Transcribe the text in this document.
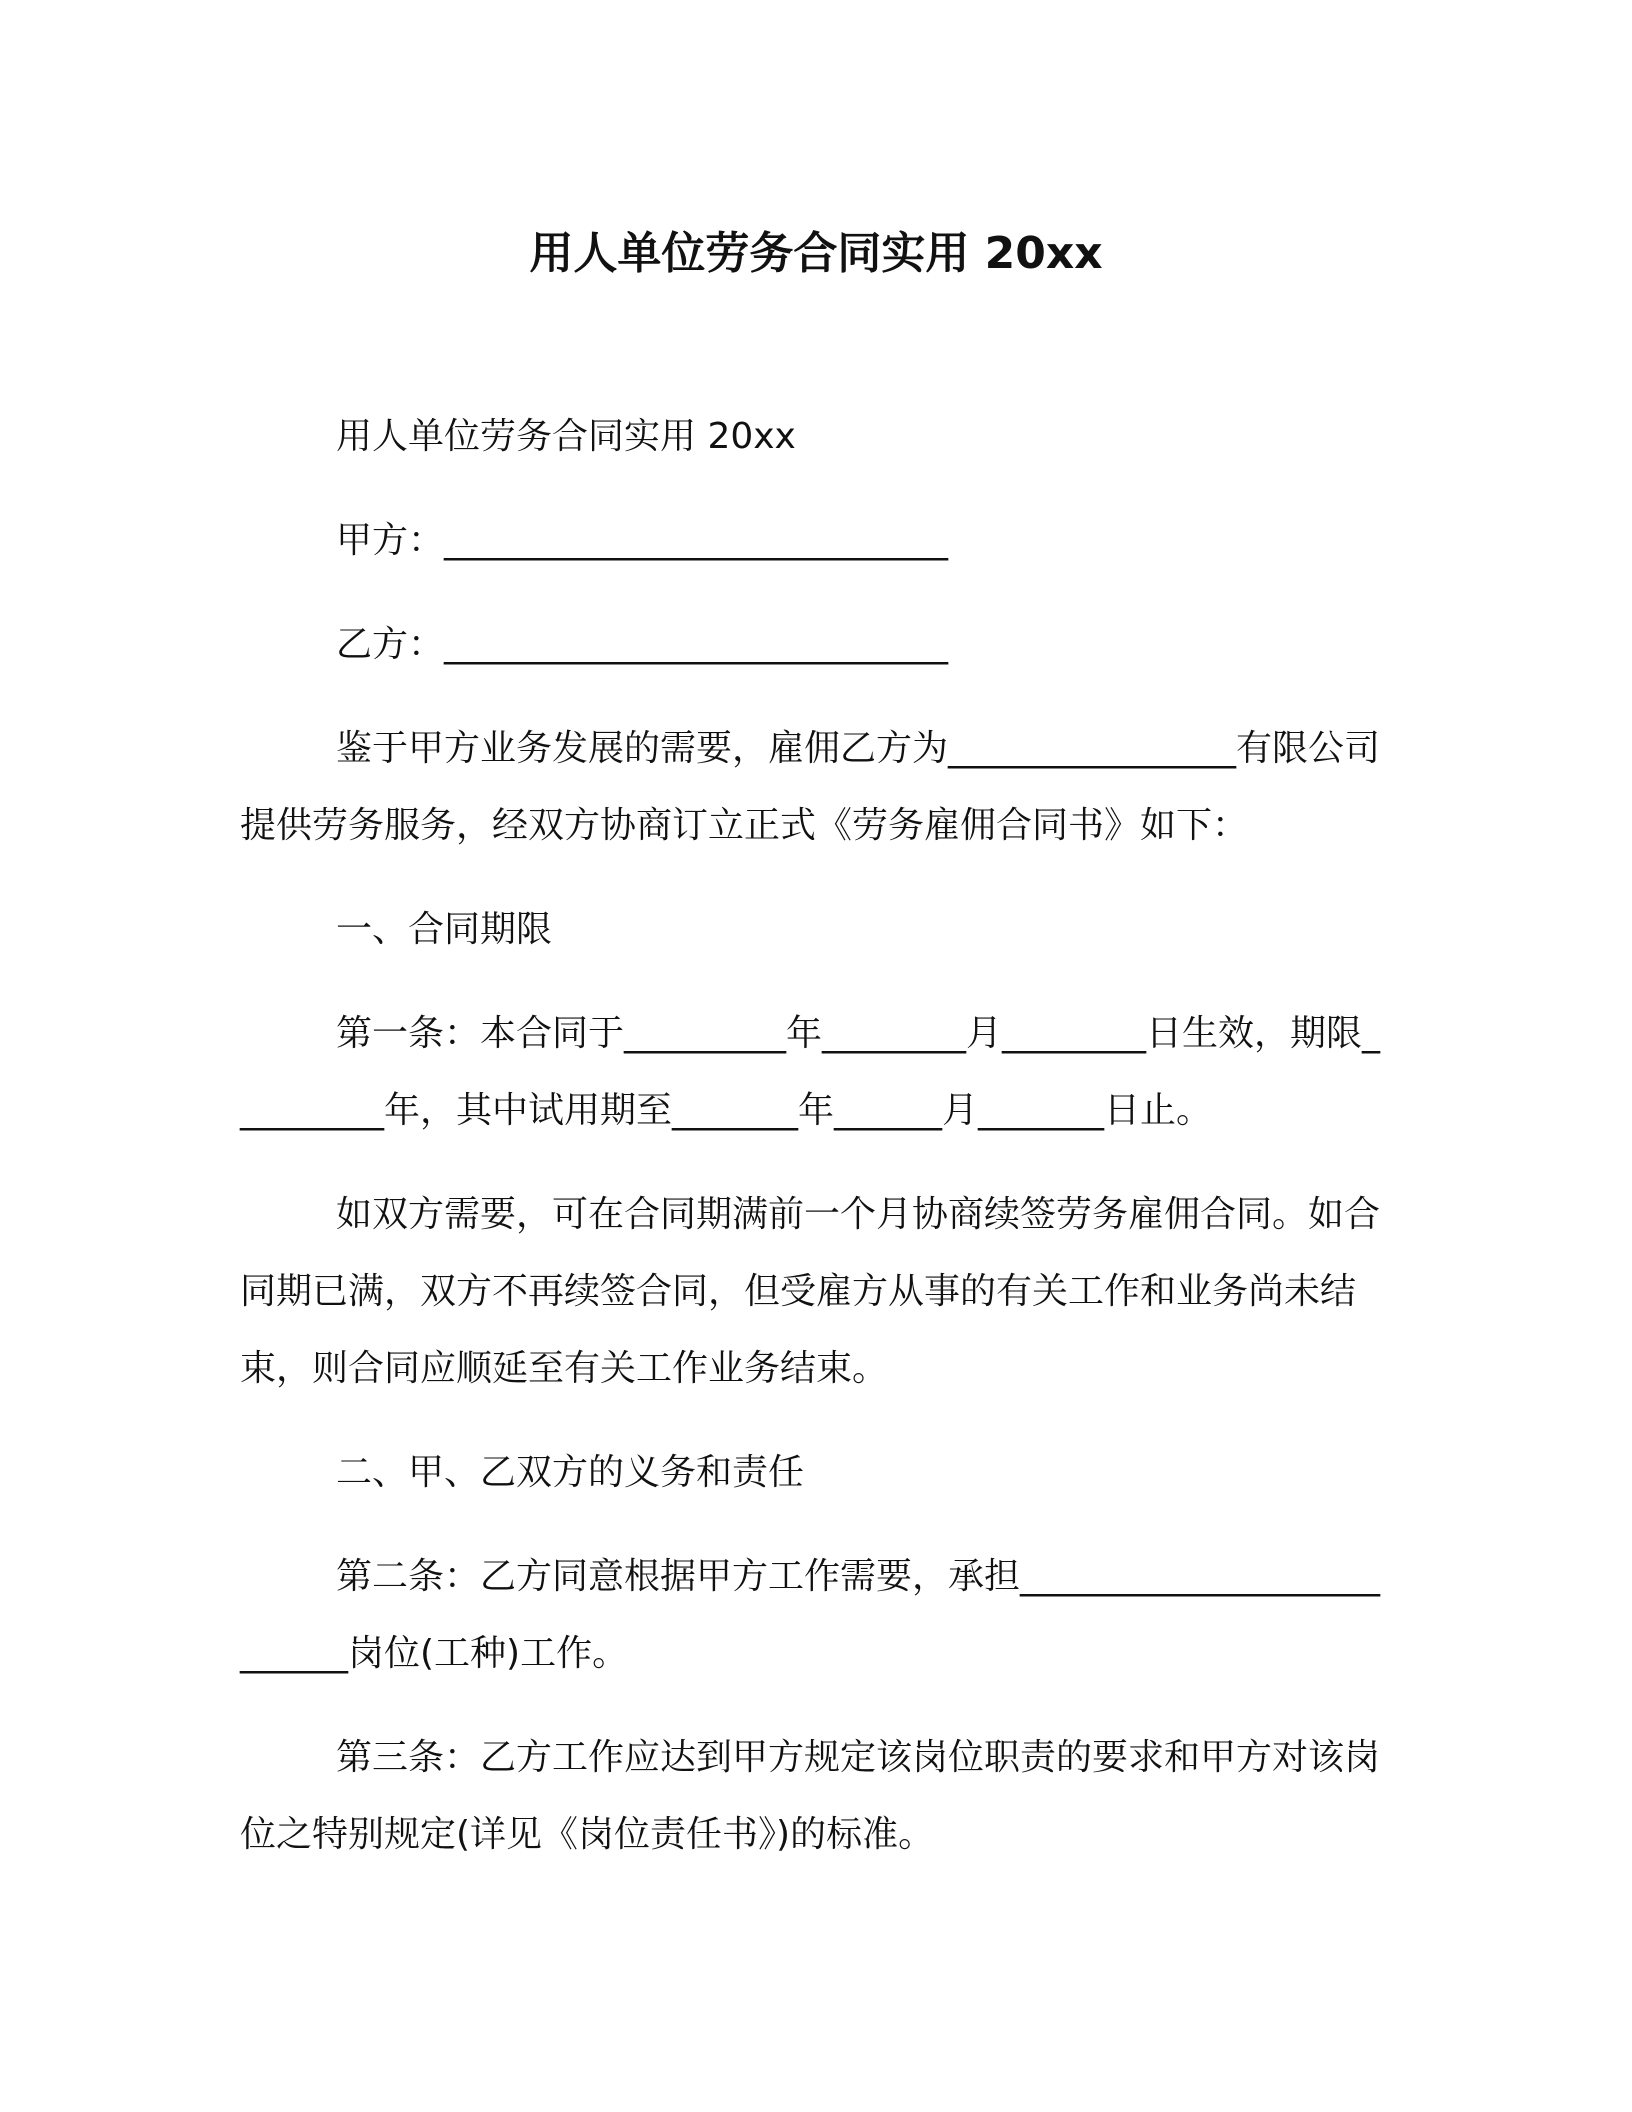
用人单位劳务合同实用 20xx
用人单位劳务合同实用 20xx
甲方：____________________________
乙方：____________________________
鉴于甲方业务发展的需要，雇佣乙方为________________有限公司提供劳务服务，经双方协商订立正式《劳务雇佣合同书》如下：
一、合同期限
第一条：本合同于_________年________月________日生效，期限_________年，其中试用期至_______年______月_______日止。
如双方需要，可在合同期满前一个月协商续签劳务雇佣合同。如合同期已满，双方不再续签合同，但受雇方从事的有关工作和业务尚未结束，则合同应顺延至有关工作业务结束。
二、甲、乙双方的义务和责任
第二条：乙方同意根据甲方工作需要，承担__________________________岗位(工种)工作。
第三条：乙方工作应达到甲方规定该岗位职责的要求和甲方对该岗位之特别规定(详见《岗位责任书》)的标准。
